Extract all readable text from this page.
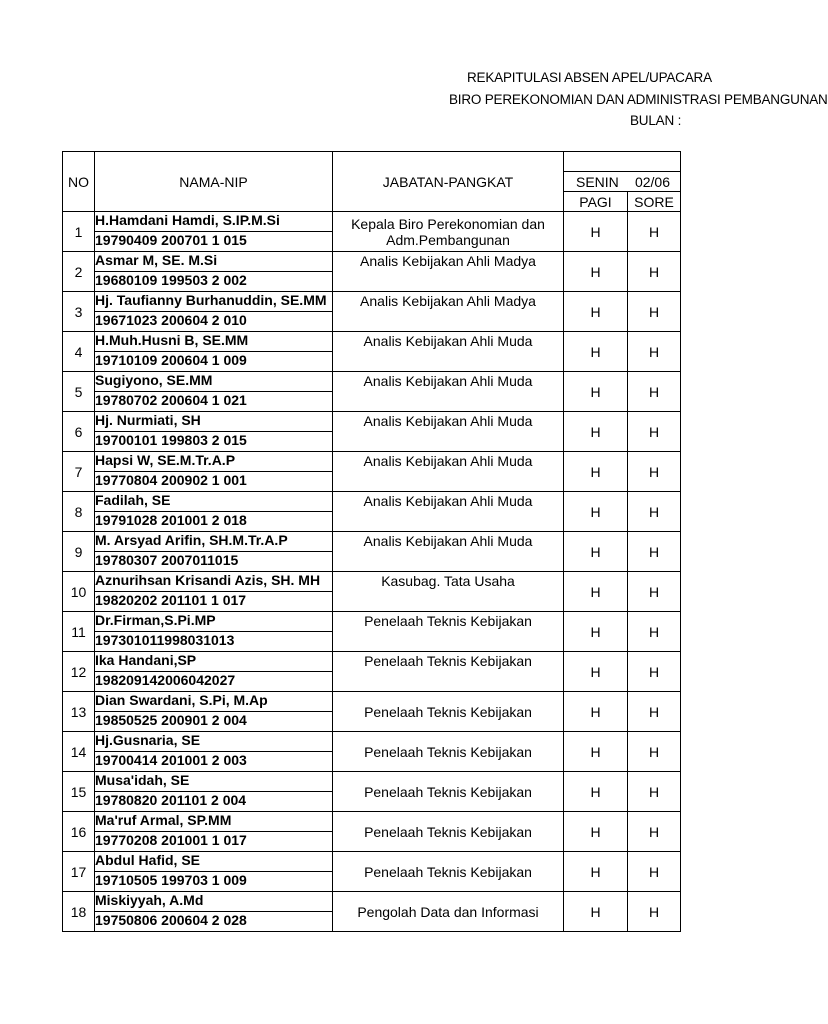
REKAPITULASI ABSEN APEL/UPACARA
BIRO PEREKONOMIAN DAN ADMINISTRASI PEMBANGUNAN
BULAN :
NO	NAMA-NIP	JABATAN-PANGKAT		

			SENIN 02/06	

			PAGI	SORE
1	H.Hamdani Hamdi, S.IP.M.Si	Kepala Biro Perekonomian dan Adm.Pembangunan	H	H
	19790409 200701 1 015			
2	Asmar M, SE. M.Si	Analis Kebijakan Ahli Madya	H	H
	19680109 199503 2 002			
3	Hj. Taufianny Burhanuddin, SE.MM	Analis Kebijakan Ahli Madya	H	H
	19671023 200604 2 010			
4	H.Muh.Husni B, SE.MM	Analis Kebijakan Ahli Muda	H	H
	19710109 200604 1 009			
5	Sugiyono, SE.MM	Analis Kebijakan Ahli Muda	H	H
	19780702 200604 1 021			
6	Hj. Nurmiati, SH	Analis Kebijakan Ahli Muda	H	H
	19700101 199803 2 015			
7	Hapsi W, SE.M.Tr.A.P	Analis Kebijakan Ahli Muda	H	H
	19770804 200902 1 001			
8	Fadilah, SE	Analis Kebijakan Ahli Muda	H	H
	19791028 201001 2 018			
9	M. Arsyad Arifin, SH.M.Tr.A.P	Analis Kebijakan Ahli Muda	H	H
	19780307 2007011015			
10	Aznurihsan Krisandi Azis, SH. MH	Kasubag. Tata Usaha	H	H
	19820202 201101 1 017			
11	Dr.Firman,S.Pi.MP	Penelaah Teknis Kebijakan	H	H
	197301011998031013			
12	Ika Handani,SP	Penelaah Teknis Kebijakan	H	H
	198209142006042027			
13	Dian Swardani, S.Pi, M.Ap	Penelaah Teknis Kebijakan	H	H
	19850525 200901 2 004			
14	Hj.Gusnaria, SE	Penelaah Teknis Kebijakan	H	H
	19700414 201001 2 003			
15	Musa'idah, SE	Penelaah Teknis Kebijakan	H	H
	19780820 201101 2 004			
16	Ma'ruf Armal, SP.MM	Penelaah Teknis Kebijakan	H	H
	19770208 201001 1 017			
17	Abdul Hafid, SE	Penelaah Teknis Kebijakan	H	H
	19710505 199703 1 009			
18	Miskiyyah, A.Md	Pengolah Data dan Informasi	H	H
	19750806 200604 2 028			
